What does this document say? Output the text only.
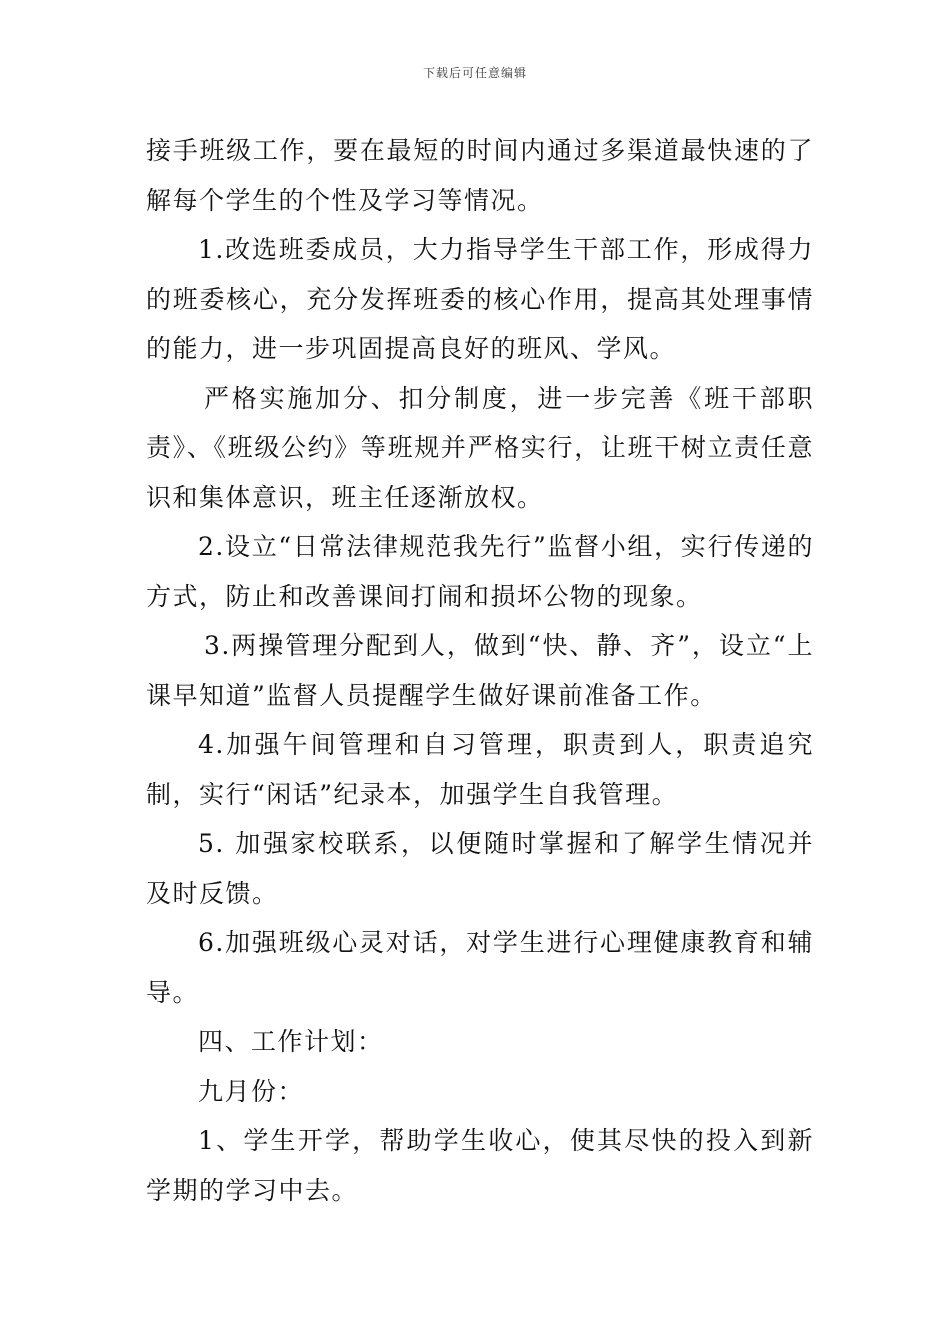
下载后可任意编辑

接手班级工作，要在最短的时间内通过多渠道最快速的了解每个学生的个性及学习等情况。

1.改选班委成员，大力指导学生干部工作，形成得力的班委核心，充分发挥班委的核心作用，提高其处理事情的能力，进一步巩固提高良好的班风、学风。

严格实施加分、扣分制度，进一步完善《班干部职责》、《班级公约》等班规并严格实行，让班干树立责任意识和集体意识，班主任逐渐放权。

2.设立“日常法律规范我先行”监督小组，实行传递的方式，防止和改善课间打闹和损坏公物的现象。

3.两操管理分配到人，做到“快、静、齐”，设立“上课早知道”监督人员提醒学生做好课前准备工作。

4.加强午间管理和自习管理，职责到人，职责追究制，实行“闲话”纪录本，加强学生自我管理。

5. 加强家校联系，以便随时掌握和了解学生情况并及时反馈。

6.加强班级心灵对话，对学生进行心理健康教育和辅导。

四、工作计划：

九月份：

1、学生开学，帮助学生收心，使其尽快的投入到新学期的学习中去。
